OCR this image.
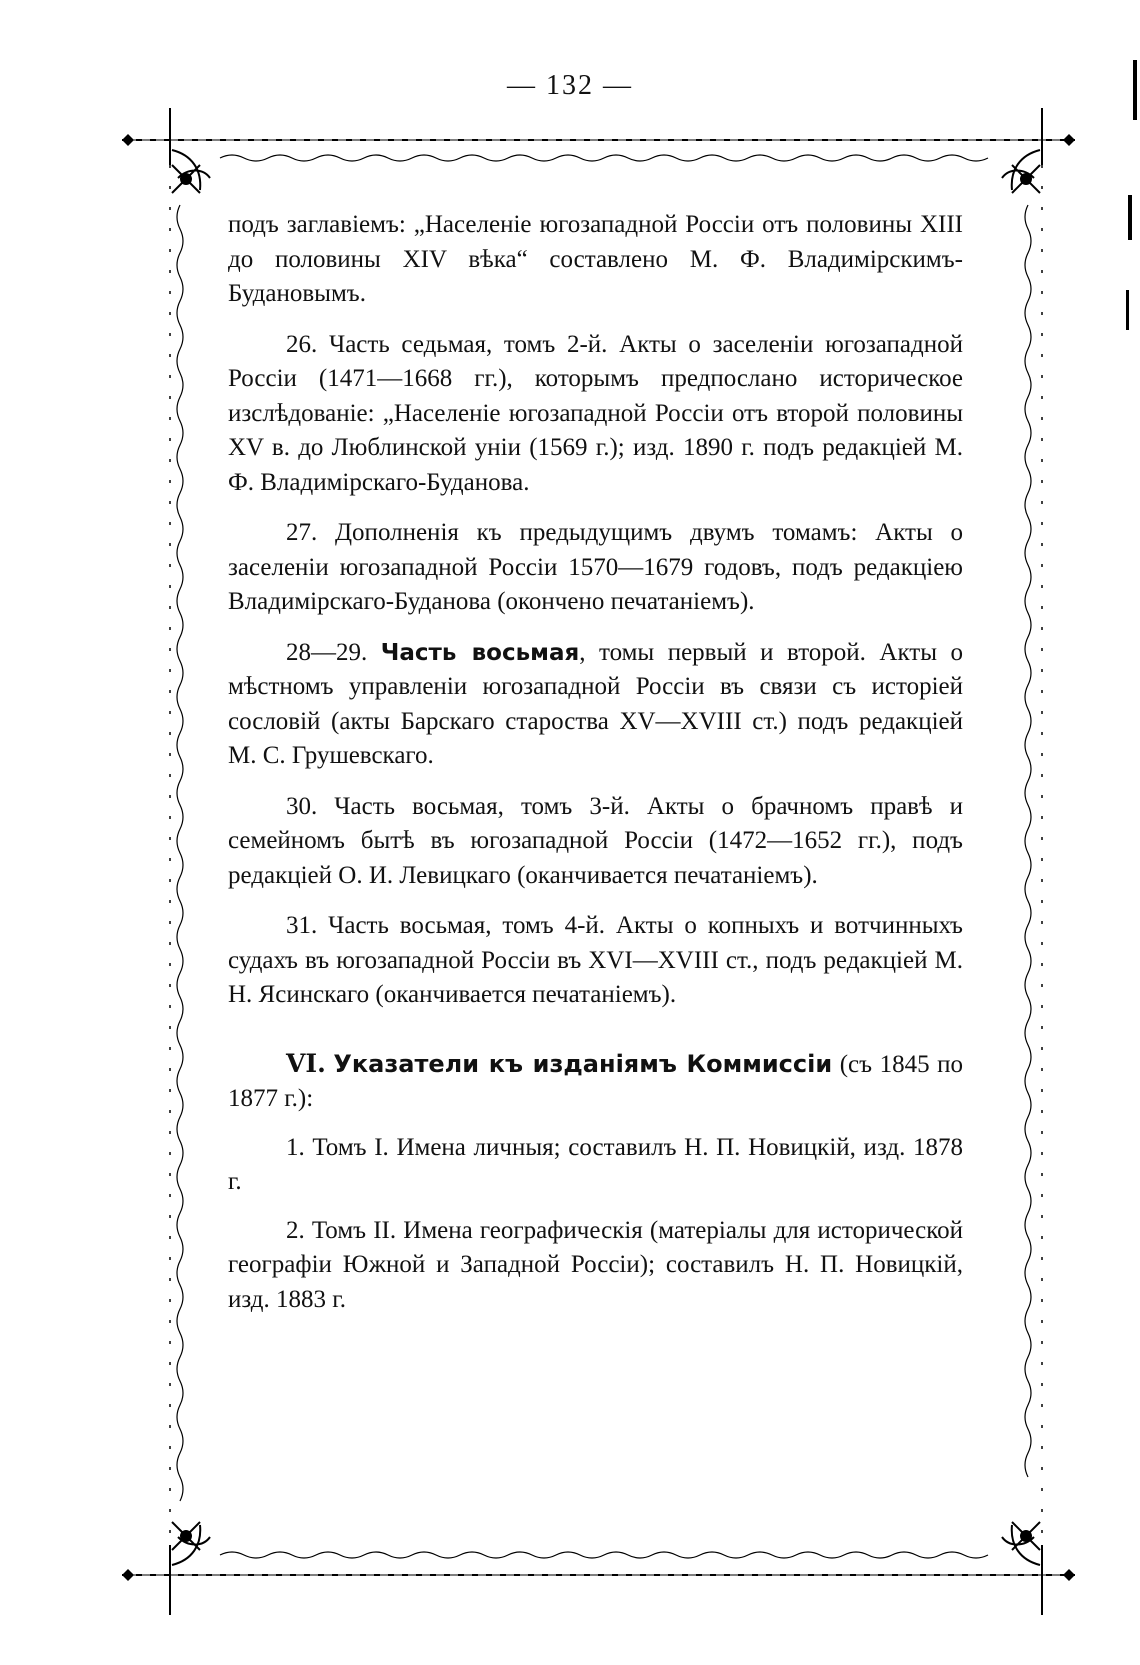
— 132 —

подъ заглавіемъ: „Населеніе югозападной Россіи отъ половины XIII до половины XIV вѣка“ составлено М. Ф. Владимірскимъ-Будановымъ.

26. Часть седьмая, томъ 2-й. Акты о заселеніи югозападной Россіи (1471—1668 гг.), которымъ предпослано историческое изслѣдованіе: „Населеніе югозападной Россіи отъ второй половины XV в. до Люблинской уніи (1569 г.); изд. 1890 г. подъ редакціей М. Ф. Владимірскаго-Буданова.

27. Дополненія къ предыдущимъ двумъ томамъ: Акты о заселеніи югозападной Россіи 1570—1679 годовъ, подъ редакціею Владимірскаго-Буданова (окончено печатаніемъ).

28—29. Часть восьмая, томы первый и второй. Акты о мѣстномъ управленіи югозападной Россіи въ связи съ исторіей сословій (акты Барскаго староства XV—XVIII ст.) подъ редакціей М. С. Грушевскаго.

30. Часть восьмая, томъ 3-й. Акты о брачномъ правѣ и семейномъ бытѣ въ югозападной Россіи (1472—1652 гг.), подъ редакціей О. И. Левицкаго (оканчивается печатаніемъ).

31. Часть восьмая, томъ 4-й. Акты о копныхъ и вотчинныхъ судахъ въ югозападной Россіи въ XVI—XVIII ст., подъ редакціей М. Н. Ясинскаго (оканчивается печатаніемъ).

VI. Указатели къ изданіямъ Коммиссіи (съ 1845 по 1877 г.):

1. Томъ I. Имена личныя; составилъ Н. П. Новицкій, изд. 1878 г.

2. Томъ II. Имена географическія (матеріалы для исторической географіи Южной и Западной Россіи); составилъ Н. П. Новицкій, изд. 1883 г.
